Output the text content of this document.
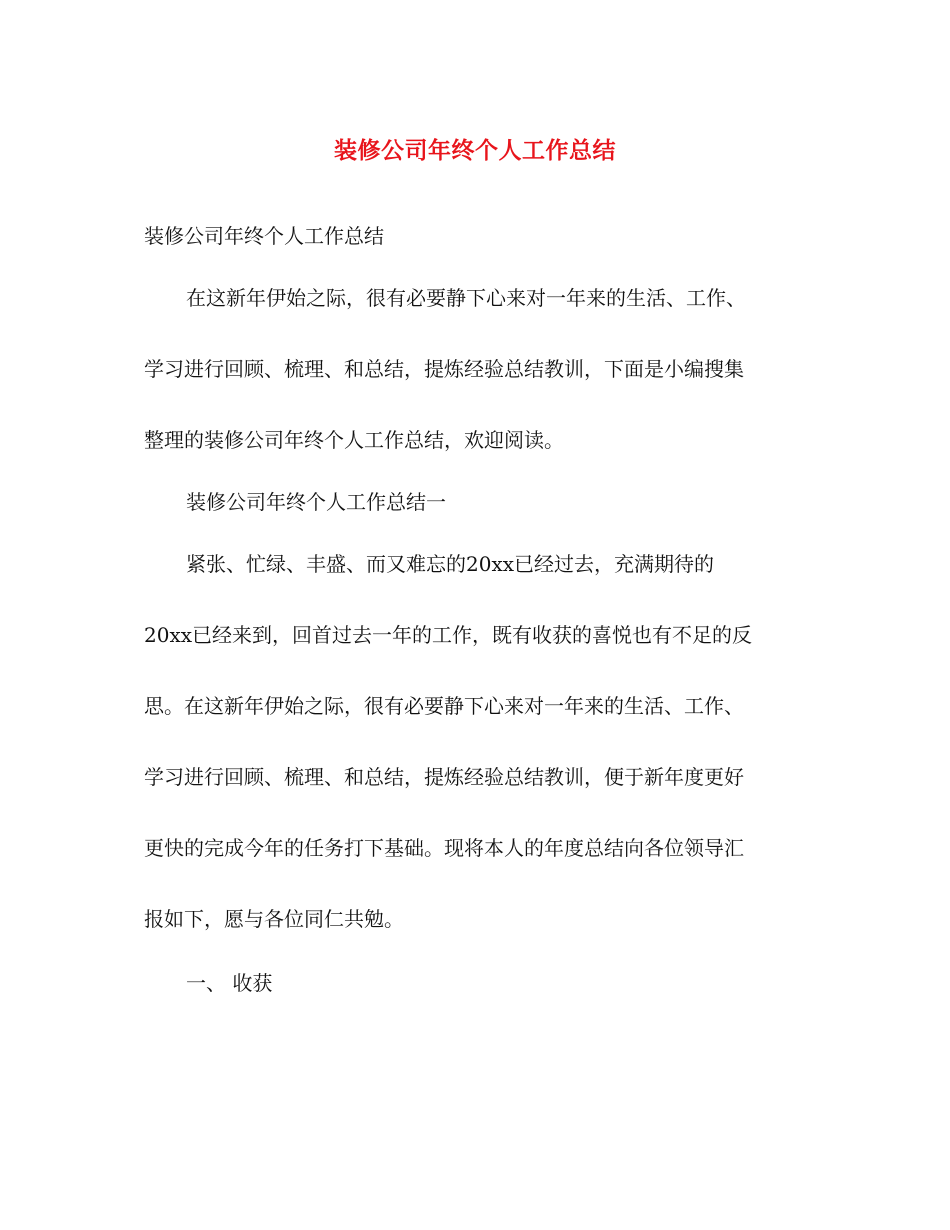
装修公司年终个人工作总结

装修公司年终个人工作总结

在这新年伊始之际，很有必要静下心来对一年来的生活、工作、

学习进行回顾、梳理、和总结，提炼经验总结教训，下面是小编搜集

整理的装修公司年终个人工作总结，欢迎阅读。

装修公司年终个人工作总结一

紧张、忙绿、丰盛、而又难忘的20xx已经过去，充满期待的

20xx已经来到，回首过去一年的工作，既有收获的喜悦也有不足的反

思。在这新年伊始之际，很有必要静下心来对一年来的生活、工作、

学习进行回顾、梳理、和总结，提炼经验总结教训，便于新年度更好

更快的完成今年的任务打下基础。现将本人的年度总结向各位领导汇

报如下，愿与各位同仁共勉。

一、 收获
